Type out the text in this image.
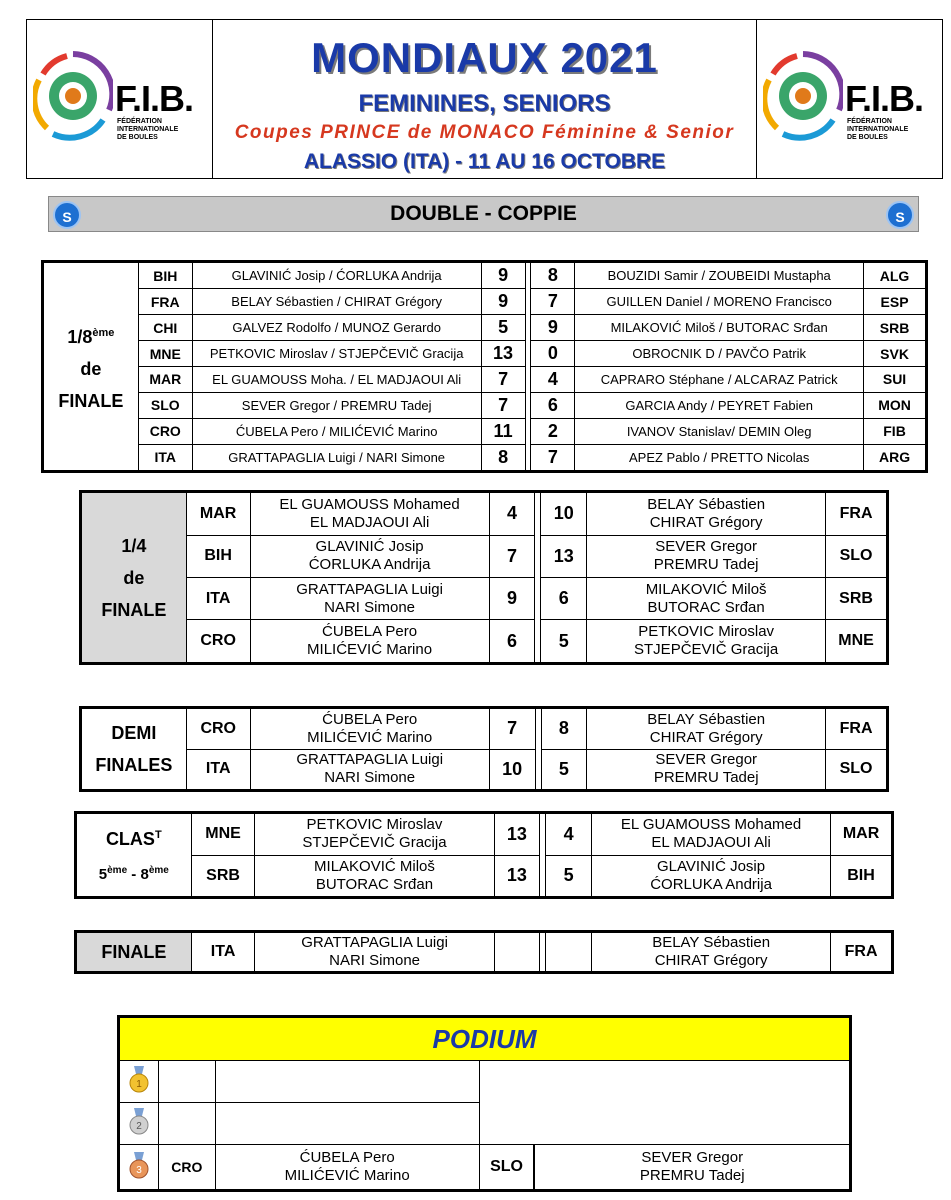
F.I.B.
FÉDÉRATION
INTERNATIONALE
DE BOULES
MONDIAUX 2021
FEMININES, SENIORS
Coupes PRINCE de MONACO Féminine & Senior
ALASSIO (ITA) - 11 AU 16 OCTOBRE
F.I.B.
FÉDÉRATION
INTERNATIONALE
DE BOULES
S	DOUBLE - COPPIE	S
1/8ème
de
FINALE	BIH	GLAVINIĆ Josip / ĆORLUKA Andrija	9		8	BOUZIDI Samir / ZOUBEIDI Mustapha	ALG
	FRA	BELAY Sébastien / CHIRAT Grégory	9		7	GUILLEN Daniel / MORENO Francisco	ESP
	CHI	GALVEZ Rodolfo / MUNOZ Gerardo	5		9	MILAKOVIĆ Miloš / BUTORAC Srđan	SRB
	MNE	PETKOVIC Miroslav / STJEPČEVIČ Gracija	13		0	OBROCNIK D / PAVČO Patrik	SVK
	MAR	EL GUAMOUSS Moha. / EL MADJAOUI Ali	7		4	CAPRARO Stéphane / ALCARAZ Patrick	SUI
	SLO	SEVER Gregor / PREMRU Tadej	7		6	GARCIA Andy / PEYRET Fabien	MON
	CRO	ĆUBELA Pero / MILIĆEVIĆ Marino	11		2	IVANOV Stanislav/ DEMIN Oleg	FIB
	ITA	GRATTAPAGLIA Luigi / NARI Simone	8		7	APEZ Pablo / PRETTO Nicolas	ARG
1/4
de
FINALE	MAR	EL GUAMOUSS Mohamed
EL MADJAOUI Ali	4		10	BELAY Sébastien
CHIRAT Grégory	FRA
	BIH	GLAVINIĆ Josip
ĆORLUKA Andrija	7		13	SEVER Gregor
PREMRU Tadej	SLO
	ITA	GRATTAPAGLIA Luigi
NARI Simone	9		6	MILAKOVIĆ Miloš
BUTORAC Srđan	SRB
	CRO	ĆUBELA Pero
MILIĆEVIĆ Marino	6		5	PETKOVIC Miroslav
STJEPČEVIČ Gracija	MNE
DEMI
FINALES	CRO	ĆUBELA Pero
MILIĆEVIĆ Marino	7		8	BELAY Sébastien
CHIRAT Grégory	FRA
	ITA	GRATTAPAGLIA Luigi
NARI Simone	10		5	SEVER Gregor
PREMRU Tadej	SLO
$CLAS^T$
5ème - 8ème	MNE	PETKOVIC Miroslav
STJEPČEVIČ Gracija	13		4	EL GUAMOUSS Mohamed
EL MADJAOUI Ali	MAR
	SRB	MILAKOVIĆ Miloš
BUTORAC Srđan	13		5	GLAVINIĆ Josip
ĆORLUKA Andrija	BIH
FINALE	ITA	GRATTAPAGLIA Luigi
NARI Simone				BELAY Sébastien
CHIRAT Grégory	FRA
PODIUM

1

2

3	CRO	ĆUBELA Pero
MILIĆEVIĆ Marino	
SLO
	SEVER Gregor
PREMRU Tadej
